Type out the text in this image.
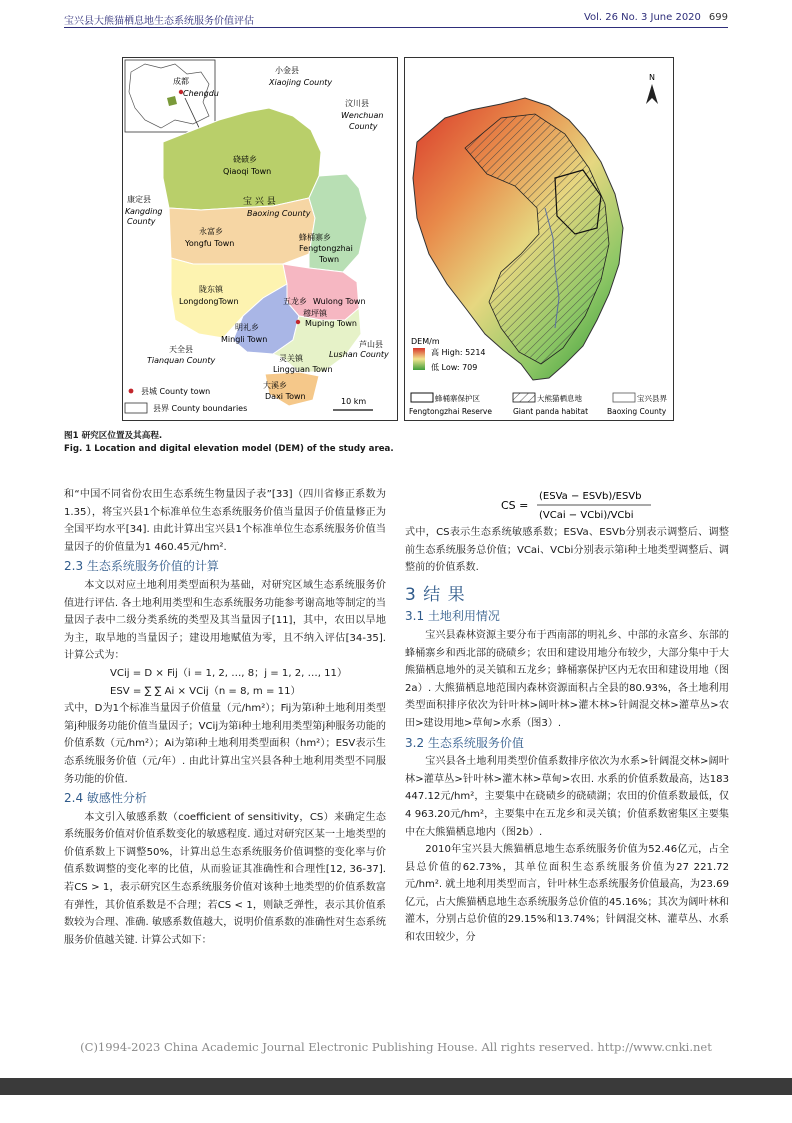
宝兴县大熊猫栖息地生态系统服务价值评估	Vol. 26 No. 3 June 2020 699
成都
Chengdu
小金县
Xiaojing County
汶川县
Wenchuan
County
硗碛乡
Qiaoqi Town
康定县
Kangding
County
宝 兴 县
Baoxing County
永富乡
Yongfu Town
蜂桶寨乡
Fengtongzhai
Town
陇东镇
LongdongTown	五龙乡 Wulong Town
穆坪镇
Muping Town
明礼乡
Mingli Town
天全县
Tianquan County
芦山县
Lushan County
灵关镇
Lingguan Town
大溪乡
Daxi Town
县城 County town
县界 County boundaries
10 km
N
DEM/m
高 High: 5214
低 Low: 709
蜂桶寨保护区
Fengtongzhai Reserve
大熊猫栖息地
Giant panda habitat
宝兴县界
Baoxing County
图1 研究区位置及其高程.
Fig. 1 Location and digital elevation model (DEM) of the study area.

和“中国不同省份农田生态系统生物量因子表”[33]（四川省修正系数为1.35），将宝兴县1个标准单位生态系统服务价值当量因子价值量修正为全国平均水平[34]. 由此计算出宝兴县1个标准单位生态系统服务价值当量因子的价值量为1 460.45元/hm².

2.3 生态系统服务价值的计算

本文以对应土地利用类型面积为基础，对研究区域生态系统服务价值进行评估. 各土地利用类型和生态系统服务功能参考谢高地等制定的当量因子表中二级分类系统的类型及其当量因子[11]，其中，农田以旱地为主，取旱地的当量因子；建设用地赋值为零，且不纳入评估[34-35]. 计算公式为：

VCij = D × Fij（i = 1, 2, …, 8；j = 1, 2, …, 11）

ESV = ∑ ∑ Ai × VCij（n = 8, m = 11）

式中，D为1个标准当量因子价值量（元/hm²）；Fij为第i种土地利用类型第j种服务功能价值当量因子；VCij为第i种土地利用类型第j种服务功能的价值系数（元/hm²）；Ai为第i种土地利用类型面积（hm²）；ESV表示生态系统服务价值（元/年）. 由此计算出宝兴县各种土地利用类型不同服务功能的价值.

2.4 敏感性分析

本文引入敏感系数（coefficient of sensitivity，CS）来确定生态系统服务价值对价值系数变化的敏感程度. 通过对研究区某一土地类型的价值系数上下调整50%，计算出总生态系统服务价值调整的变化率与价值系数调整的变化率的比值，从而验证其准确性和合理性[12, 36-37]. 若CS > 1，表示研究区生态系统服务价值对该种土地类型的价值系数富有弹性，其价值系数是不合理；若CS < 1，则缺乏弹性，表示其价值系数较为合理、准确. 敏感系数值越大，说明价值系数的准确性对生态系统服务价值越关键. 计算公式如下：

CS =
(ESVa − ESVb)/ESVb
(VCai − VCbi)/VCbi

式中，CS表示生态系统敏感系数；ESVa、ESVb分别表示调整后、调整前生态系统服务总价值；VCai、VCbi分别表示第i种土地类型调整后、调整前的价值系数.

3 结 果
3.1 土地利用情况

宝兴县森林资源主要分布于西南部的明礼乡、中部的永富乡、东部的蜂桶寨乡和西北部的硗碛乡；农田和建设用地分布较少，大部分集中于大熊猫栖息地外的灵关镇和五龙乡；蜂桶寨保护区内无农田和建设用地（图2a）. 大熊猫栖息地范围内森林资源面积占全县的80.93%，各土地利用类型面积排序依次为针叶林>阔叶林>灌木林>针阔混交林>灌草丛>农田>建设用地>草甸>水系（图3）.

3.2 生态系统服务价值

宝兴县各土地利用类型价值系数排序依次为水系>针阔混交林>阔叶林>灌草丛>针叶林>灌木林>草甸>农田. 水系的价值系数最高，达183 447.12元/hm²，主要集中在硗碛乡的硗碛湖；农田的价值系数最低，仅4 963.20元/hm²，主要集中在五龙乡和灵关镇；价值系数密集区主要集中在大熊猫栖息地内（图2b）.

2010年宝兴县大熊猫栖息地生态系统服务价值为52.46亿元，占全县总价值的62.73%，其单位面积生态系统服务价值为27 221.72元/hm². 就土地利用类型而言，针叶林生态系统服务价值最高，为23.69亿元，占大熊猫栖息地生态系统服务总价值的45.16%；其次为阔叶林和灌木，分别占总价值的29.15%和13.74%；针阔混交林、灌草丛、水系和农田较少，分

(C)1994-2023 China Academic Journal Electronic Publishing House. All rights reserved. http://www.cnki.net
